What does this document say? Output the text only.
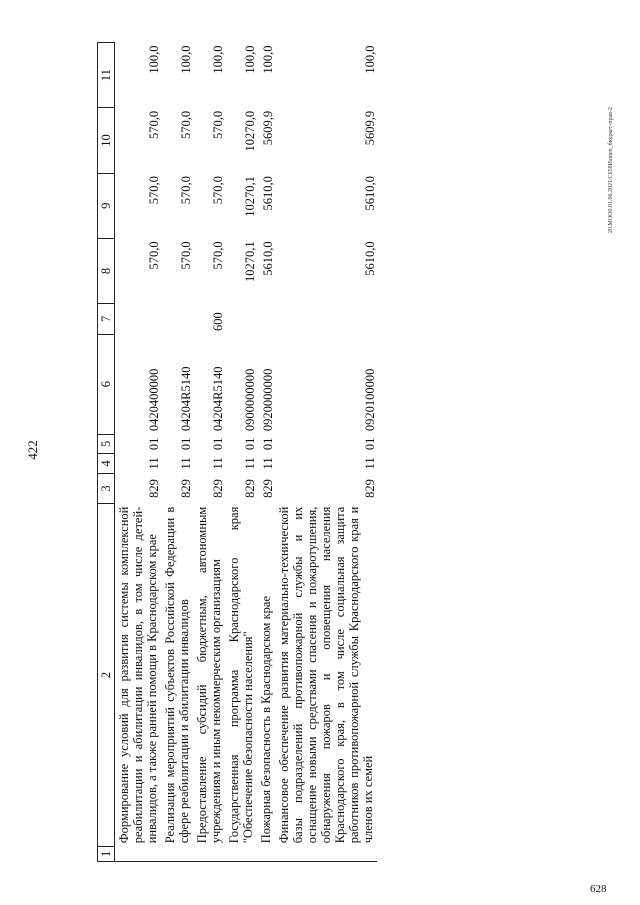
422
20.MOO0.01.06.2021/C658Иsmen_бюджет-прав-2
628
1	2	3	4	5	6	7	8	9	10	11
	Формирование условий для развития системы комплексной реабилитации и абилитации инвалидов, в том числе детей-инвалидов, а также ранней помощи в Краснодарском крае	829	11	01	0420400000		570,0	570,0	570,0	100,0
	Реализация мероприятий субъектов Российской Федерации в сфере реабилитации и абилитации инвалидов	829	11	01	04204R5140		570,0	570,0	570,0	100,0
	Предоставление субсидий бюджетным, автономным учреждениям и иным некоммерческим организациям	829	11	01	04204R5140	600	570,0	570,0	570,0	100,0
	Государственная программа Краснодарского края "Обеспечение безопасности населения"	829	11	01	0900000000		10270,1	10270,1	10270,0	100,0
	Пожарная безопасность в Краснодарском крае	829	11	01	0920000000		5610,0	5610,0	5609,9	100,0
	Финансовое обеспечение развития материально-технической базы подразделений противопожарной службы и их оснащение новыми средствами спасения и пожаротушения, обнаружения пожаров и оповещения населения Краснодарского края, в том числе социальная защита работников противопожарной службы Краснодарского края и членов их семей	829	11	01	0920100000		5610,0	5610,0	5609,9	100,0
